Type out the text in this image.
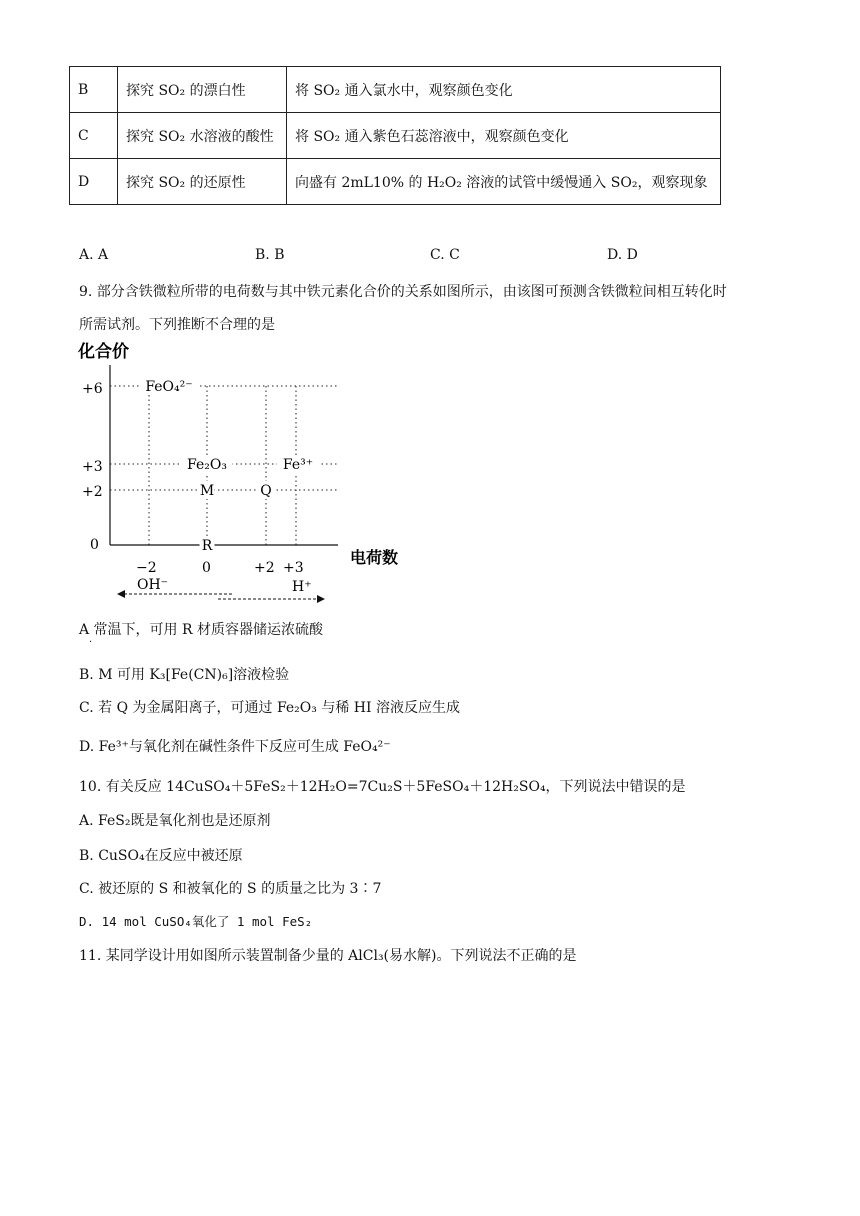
B	探究 SO₂ 的漂白性	将 SO₂ 通入氯水中，观察颜色变化
C	探究 SO₂ 水溶液的酸性	将 SO₂ 通入紫色石蕊溶液中，观察颜色变化
D	探究 SO₂ 的还原性	向盛有 2mL10% 的 H₂O₂ 溶液的试管中缓慢通入 SO₂，观察现象
A. A	B. B	C. C	D. D
9. 部分含铁微粒所带的电荷数与其中铁元素化合价的关系如图所示，由该图可预测含铁微粒间相互转化时
所需试剂。下列推断不合理的是
化合价
电荷数
+6
+3
+2
0
−2	0	+2 +3
FeO₄²⁻
Fe₂O₃	Fe³⁺
M	Q
R
OH⁻	H⁺
A 常温下，可用 R 材质容器储运浓硫酸
·
B. M 可用 K₃[Fe(CN)₆]溶液检验
C. 若 Q 为金属阳离子，可通过 Fe₂O₃ 与稀 HI 溶液反应生成
D. Fe³⁺与氧化剂在碱性条件下反应可生成 FeO₄²⁻
10. 有关反应 14CuSO₄＋5FeS₂＋12H₂O=7Cu₂S＋5FeSO₄＋12H₂SO₄，下列说法中错误的是
A. FeS₂既是氧化剂也是还原剂
B. CuSO₄在反应中被还原
C. 被还原的 S 和被氧化的 S 的质量之比为 3∶7
D. 14 mol CuSO₄氧化了 1 mol FeS₂
11. 某同学设计用如图所示装置制备少量的 AlCl₃(易水解)。下列说法不正确的是
